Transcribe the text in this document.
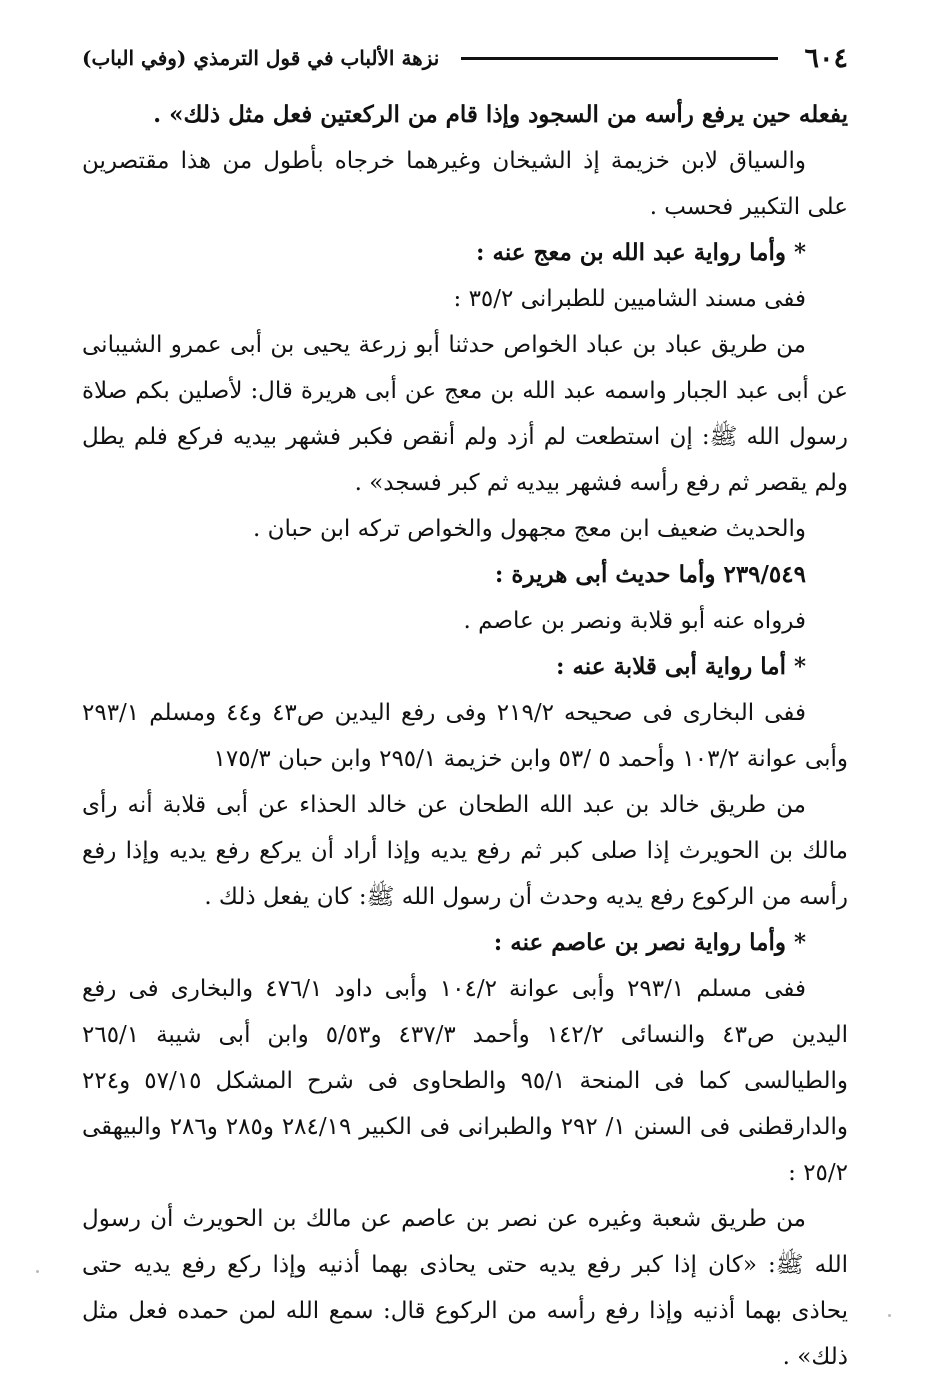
٦٠٤
نزهة الألباب في قول الترمذي (وفي الباب)

يفعله حين يرفع رأسه من السجود وإذا قام من الركعتين فعل مثل ذلك» .

والسياق لابن خزيمة إذ الشيخان وغيرهما خرجاه بأطول من هذا مقتصرين على التكبير فحسب .

* وأما رواية عبد الله بن معج عنه :

ففى مسند الشاميين للطبرانى ٣٥/٢ :

من طريق عباد بن عباد الخواص حدثنا أبو زرعة يحيى بن أبى عمرو الشيبانى عن أبى عبد الجبار واسمه عبد الله بن معج عن أبى هريرة قال: لأصلين بكم صلاة رسول الله ﷺ: إن استطعت لم أزد ولم أنقص فكبر فشهر بيديه فركع فلم يطل ولم يقصر ثم رفع رأسه فشهر بيديه ثم كبر فسجد» .

والحديث ضعيف ابن معج مجهول والخواص تركه ابن حبان .

٢٣٩/٥٤٩ وأما حديث أبى هريرة :

فرواه عنه أبو قلابة ونصر بن عاصم .

* أما رواية أبى قلابة عنه :

ففى البخارى فى صحيحه ٢١٩/٢ وفى رفع اليدين ص٤٣ و٤٤ ومسلم ٢٩٣/١ وأبى عوانة ١٠٣/٢ وأحمد ٥ /٥٣ وابن خزيمة ٢٩٥/١ وابن حبان ١٧٥/٣

من طريق خالد بن عبد الله الطحان عن خالد الحذاء عن أبى قلابة أنه رأى مالك بن الحويرث إذا صلى كبر ثم رفع يديه وإذا أراد أن يركع رفع يديه وإذا رفع رأسه من الركوع رفع يديه وحدث أن رسول الله ﷺ: كان يفعل ذلك .

* وأما رواية نصر بن عاصم عنه :

ففى مسلم ٢٩٣/١ وأبى عوانة ١٠٤/٢ وأبى داود ٤٧٦/١ والبخارى فى رفع اليدين ص٤٣ والنسائى ١٤٢/٢ وأحمد ٤٣٧/٣ و٥/٥٣ وابن أبى شيبة ٢٦٥/١ والطيالسى كما فى المنحة ٩٥/١ والطحاوى فى شرح المشكل ٥٧/١٥ و٢٢٤ والدارقطنى فى السنن ١/ ٢٩٢ والطبرانى فى الكبير ٢٨٤/١٩ و٢٨٥ و٢٨٦ والبيهقى ٢٥/٢ :

من طريق شعبة وغيره عن نصر بن عاصم عن مالك بن الحويرث أن رسول الله ﷺ: «كان إذا كبر رفع يديه حتى يحاذى بهما أذنيه وإذا ركع رفع يديه حتى يحاذى بهما أذنيه وإذا رفع رأسه من الركوع قال: سمع الله لمن حمده فعل مثل ذلك» .
